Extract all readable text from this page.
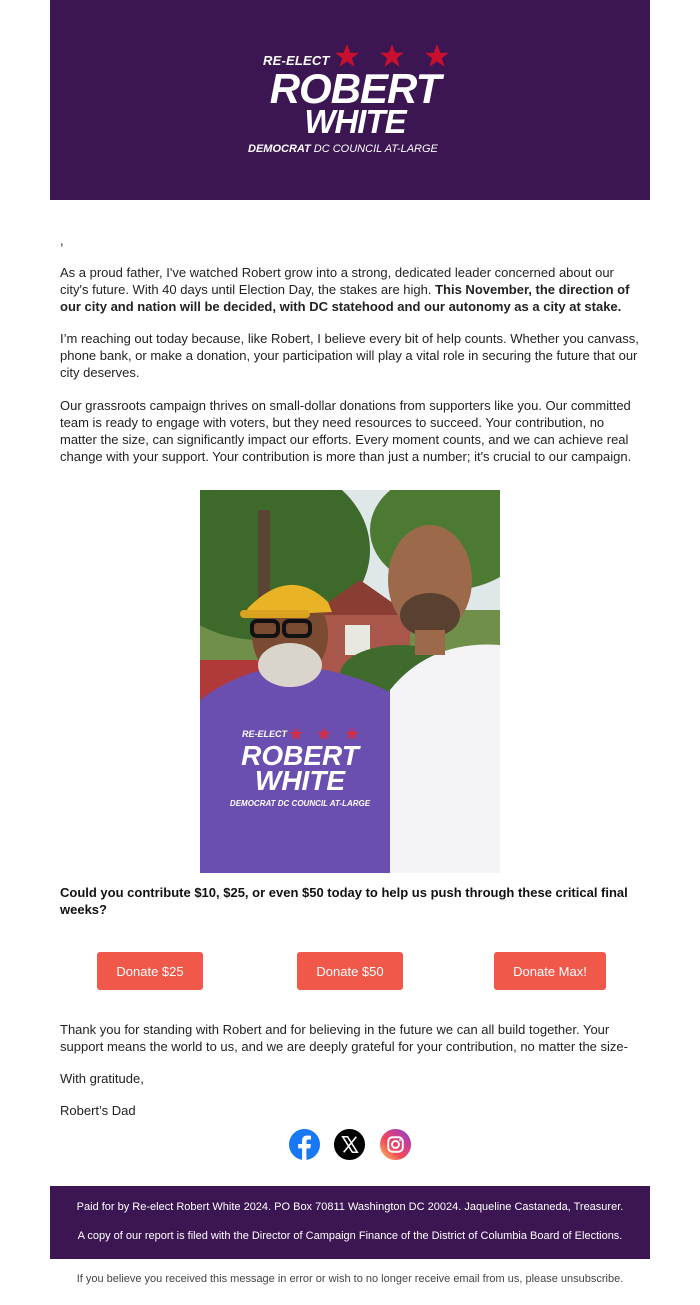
RE-ELECT
ROBERT
WHITE
DEMOCRAT DC COUNCIL AT-LARGE
,
As a proud father, I've watched Robert grow into a strong, dedicated leader concerned about our city's future. With 40 days until Election Day, the stakes are high. This November, the direction of our city and nation will be decided, with DC statehood and our autonomy as a city at stake.
I’m reaching out today because, like Robert, I believe every bit of help counts. Whether you canvass, phone bank, or make a donation, your participation will play a vital role in securing the future that our city deserves.
Our grassroots campaign thrives on small-dollar donations from supporters like you. Our committed team is ready to engage with voters, but they need resources to succeed. Your contribution, no matter the size, can significantly impact our efforts. Every moment counts, and we can achieve real change with your support. Your contribution is more than just a number; it's crucial to our campaign.
RE-ELECT
ROBERT
WHITE
DEMOCRAT DC COUNCIL AT-LARGE
Could you contribute $10, $25, or even $50 today to help us push through these critical final weeks?
Donate $25	Donate $50	Donate Max!
Thank you for standing with Robert and for believing in the future we can all build together. Your support means the world to us, and we are deeply grateful for your contribution, no matter the size-
With gratitude,
Robert’s Dad
Paid for by Re-elect Robert White 2024. PO Box 70811 Washington DC 20024. Jaqueline Castaneda, Treasurer.
A copy of our report is filed with the Director of Campaign Finance of the District of Columbia Board of Elections.
If you believe you received this message in error or wish to no longer receive email from us, please unsubscribe.
